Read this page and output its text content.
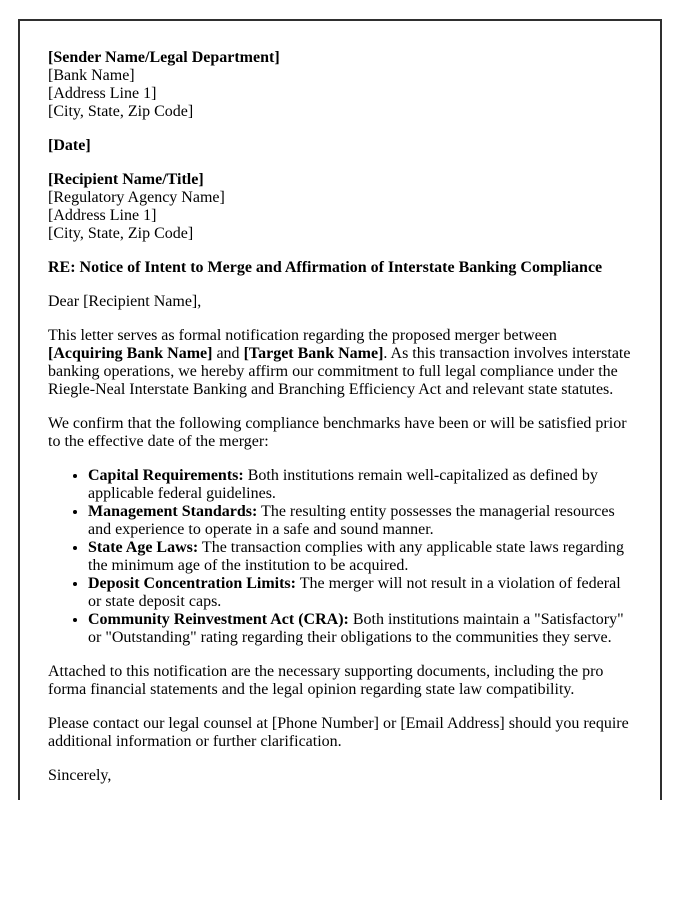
[Sender Name/Legal Department]
[Bank Name]
[Address Line 1]
[City, State, Zip Code]

[Date]

[Recipient Name/Title]
[Regulatory Agency Name]
[Address Line 1]
[City, State, Zip Code]

RE: Notice of Intent to Merge and Affirmation of Interstate Banking Compliance

Dear [Recipient Name],

This letter serves as formal notification regarding the proposed merger between [Acquiring Bank Name] and [Target Bank Name]. As this transaction involves interstate banking operations, we hereby affirm our commitment to full legal compliance under the Riegle-Neal Interstate Banking and Branching Efficiency Act and relevant state statutes.

We confirm that the following compliance benchmarks have been or will be satisfied prior to the effective date of the merger:

• Capital Requirements: Both institutions remain well-capitalized as defined by applicable federal guidelines.
• Management Standards: The resulting entity possesses the managerial resources and experience to operate in a safe and sound manner.
• State Age Laws: The transaction complies with any applicable state laws regarding the minimum age of the institution to be acquired.
• Deposit Concentration Limits: The merger will not result in a violation of federal or state deposit caps.
• Community Reinvestment Act (CRA): Both institutions maintain a "Satisfactory" or "Outstanding" rating regarding their obligations to the communities they serve.

Attached to this notification are the necessary supporting documents, including the pro forma financial statements and the legal opinion regarding state law compatibility.

Please contact our legal counsel at [Phone Number] or [Email Address] should you require additional information or further clarification.

Sincerely,
